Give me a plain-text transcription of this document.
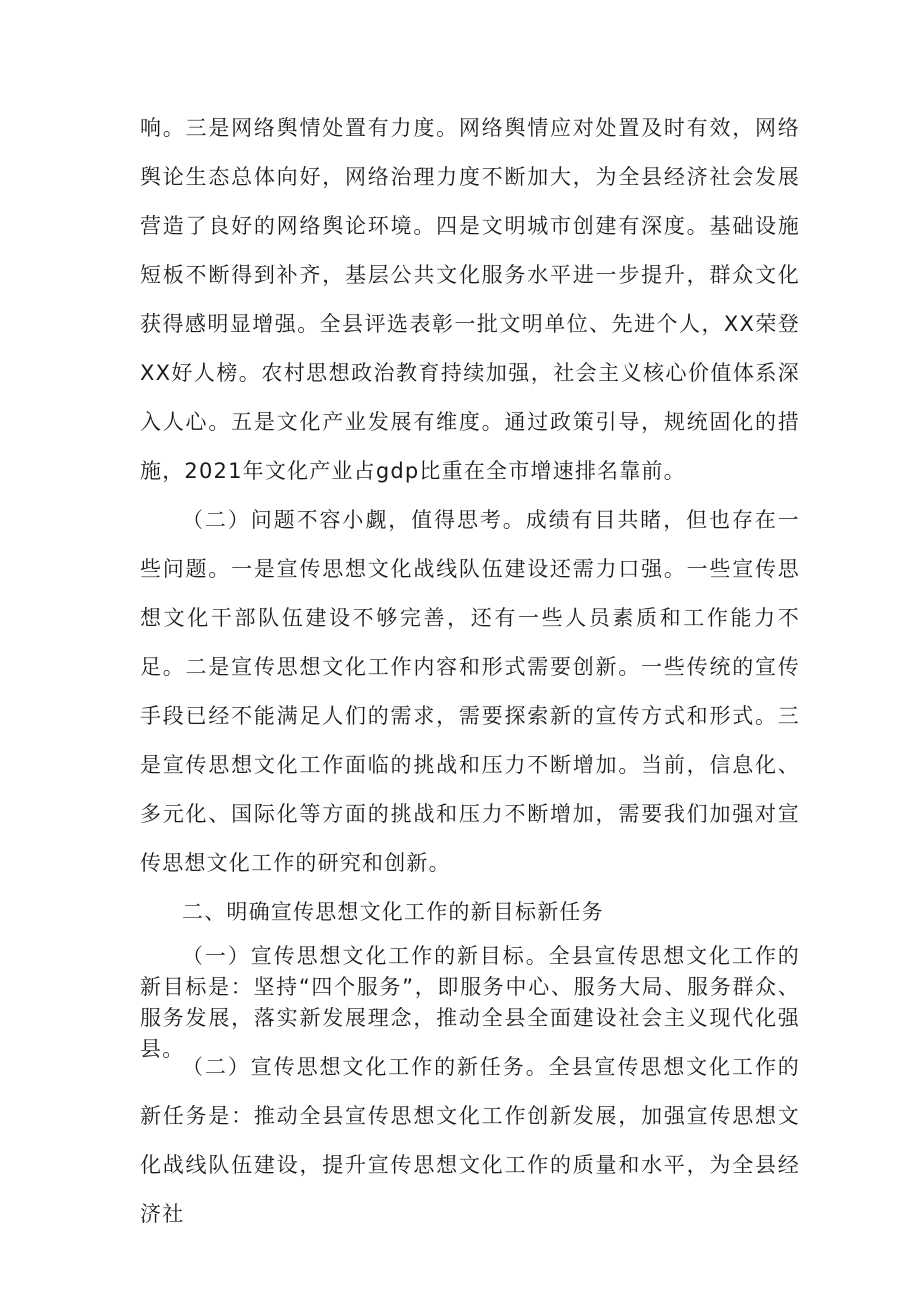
响。三是网络舆情处置有力度。网络舆情应对处置及时有效，网络舆论生态总体向好，网络治理力度不断加大，为全县经济社会发展营造了良好的网络舆论环境。四是文明城市创建有深度。基础设施短板不断得到补齐，基层公共文化服务水平进一步提升，群众文化获得感明显增强。全县评选表彰一批文明单位、先进个人，XX荣登XX好人榜。农村思想政治教育持续加强，社会主义核心价值体系深入人心。五是文化产业发展有维度。通过政策引导，规统固化的措施，2021年文化产业占gdp比重在全市增速排名靠前。

（二）问题不容小觑，值得思考。成绩有目共睹，但也存在一些问题。一是宣传思想文化战线队伍建设还需力口强。一些宣传思想文化干部队伍建设不够完善，还有一些人员素质和工作能力不足。二是宣传思想文化工作内容和形式需要创新。一些传统的宣传手段已经不能满足人们的需求，需要探索新的宣传方式和形式。三是宣传思想文化工作面临的挑战和压力不断增加。当前，信息化、多元化、国际化等方面的挑战和压力不断增加，需要我们加强对宣传思想文化工作的研究和创新。

二、明确宣传思想文化工作的新目标新任务

（一）宣传思想文化工作的新目标。全县宣传思想文化工作的新目标是：坚持“四个服务”，即服务中心、服务大局、服务群众、服务发展，落实新发展理念，推动全县全面建设社会主义现代化强县。

（二）宣传思想文化工作的新任务。全县宣传思想文化工作的新任务是：推动全县宣传思想文化工作创新发展，加强宣传思想文化战线队伍建设，提升宣传思想文化工作的质量和水平，为全县经济社
